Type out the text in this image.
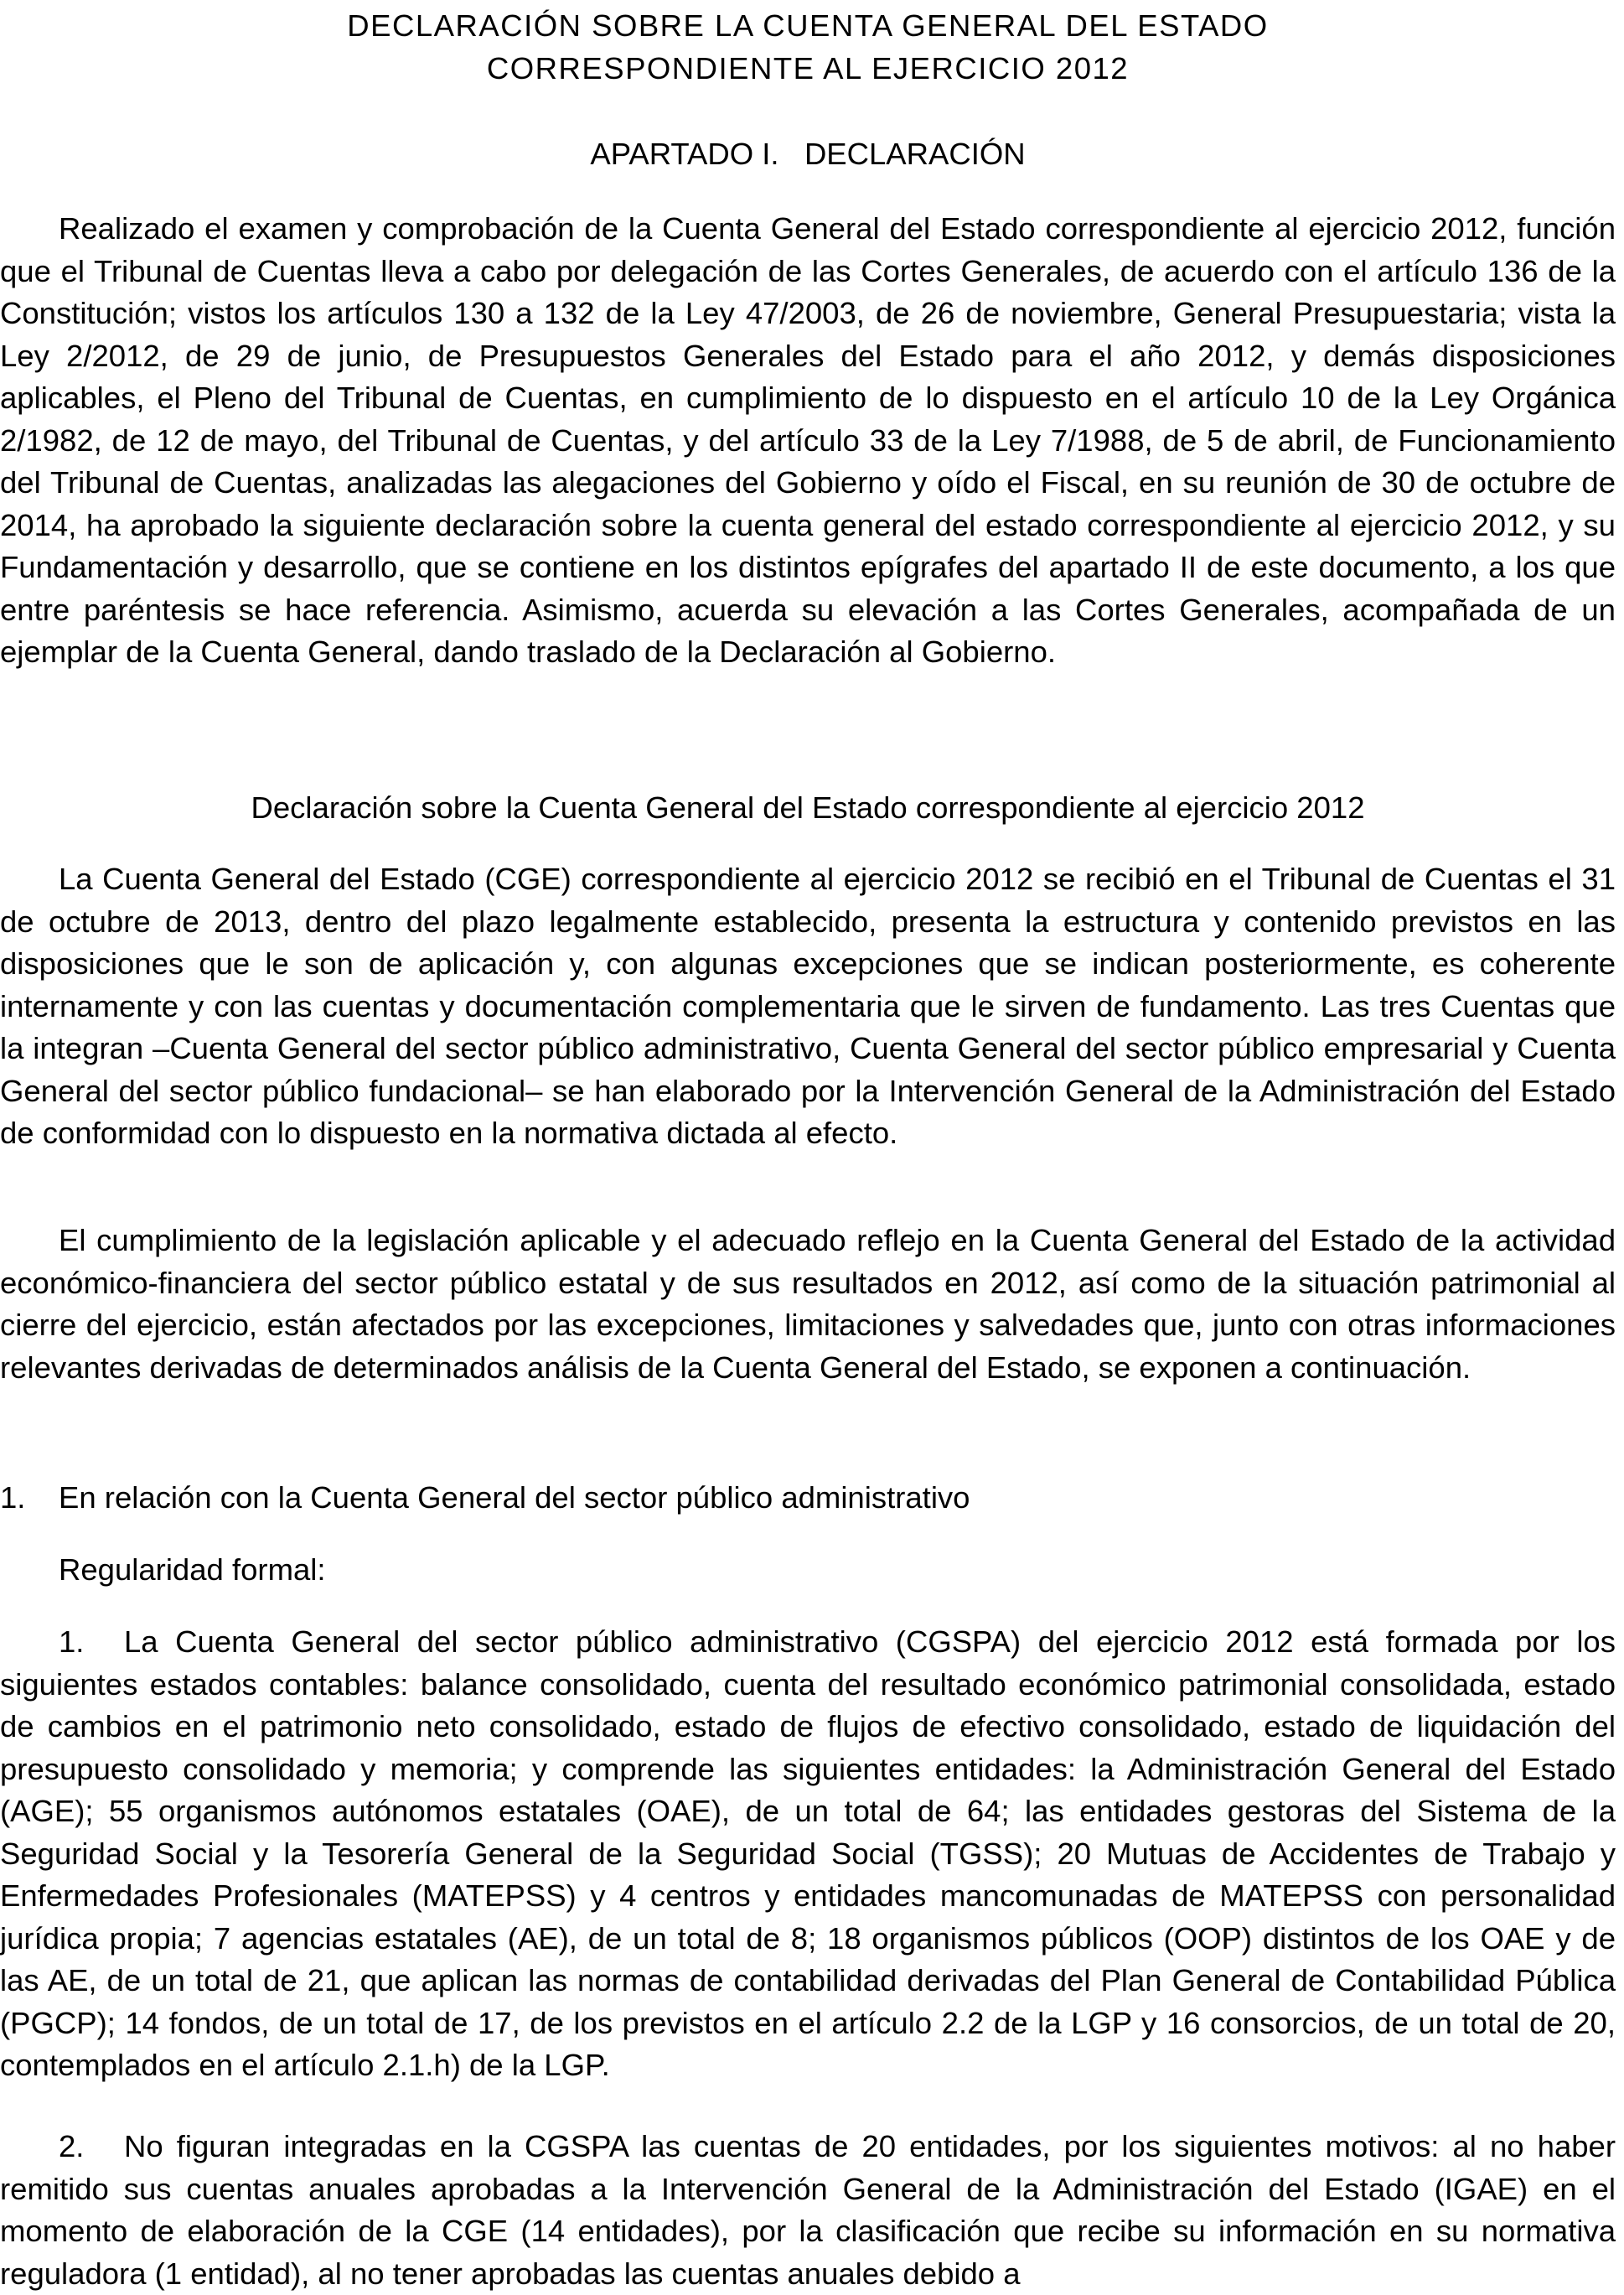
DECLARACIÓN SOBRE LA CUENTA GENERAL DEL ESTADO
CORRESPONDIENTE AL EJERCICIO 2012
APARTADO I.   DECLARACIÓN

Realizado el examen y comprobación de la Cuenta General del Estado correspondiente al ejercicio 2012, función que el Tribunal de Cuentas lleva a cabo por delegación de las Cortes Generales, de acuerdo con el artículo 136 de la Constitución; vistos los artículos 130 a 132 de la Ley 47/2003, de 26 de noviembre, General Presupuestaria; vista la Ley 2/2012, de 29 de junio, de Presupuestos Generales del Estado para el año 2012, y demás disposiciones aplicables, el Pleno del Tribunal de Cuentas, en cumplimiento de lo dispuesto en el artículo 10 de la Ley Orgánica 2/1982, de 12 de mayo, del Tribunal de Cuentas, y del artículo 33 de la Ley 7/1988, de 5 de abril, de Funcionamiento del Tribunal de Cuentas, analizadas las alegaciones del Gobierno y oído el Fiscal, en su reunión de 30 de octubre de 2014, ha aprobado la siguiente declaración sobre la cuenta general del estado correspondiente al ejercicio 2012, y su Fundamentación y desarrollo, que se contiene en los distintos epígrafes del apartado II de este documento, a los que entre paréntesis se hace referencia. Asimismo, acuerda su elevación a las Cortes Generales, acompañada de un ejemplar de la Cuenta General, dando traslado de la Declaración al Gobierno.

Declaración sobre la Cuenta General del Estado correspondiente al ejercicio 2012

La Cuenta General del Estado (CGE) correspondiente al ejercicio 2012 se recibió en el Tribunal de Cuentas el 31 de octubre de 2013, dentro del plazo legalmente establecido, presenta la estructura y contenido previstos en las disposiciones que le son de aplicación y, con algunas excepciones que se indican posteriormente, es coherente internamente y con las cuentas y documentación complementaria que le sirven de fundamento. Las tres Cuentas que la integran –Cuenta General del sector público administrativo, Cuenta General del sector público empresarial y Cuenta General del sector público fundacional– se han elaborado por la Intervención General de la Administración del Estado de conformidad con lo dispuesto en la normativa dictada al efecto.

El cumplimiento de la legislación aplicable y el adecuado reflejo en la Cuenta General del Estado de la actividad económico-financiera del sector público estatal y de sus resultados en 2012, así como de la situación patrimonial al cierre del ejercicio, están afectados por las excepciones, limitaciones y salvedades que, junto con otras informaciones relevantes derivadas de determinados análisis de la Cuenta General del Estado, se exponen a continuación.

1. En relación con la Cuenta General del sector público administrativo
Regularidad formal:

1. La Cuenta General del sector público administrativo (CGSPA) del ejercicio 2012 está formada por los siguientes estados contables: balance consolidado, cuenta del resultado económico patrimonial consolidada, estado de cambios en el patrimonio neto consolidado, estado de flujos de efectivo consolidado, estado de liquidación del presupuesto consolidado y memoria; y comprende las siguientes entidades: la Administración General del Estado (AGE); 55 organismos autónomos estatales (OAE), de un total de 64; las entidades gestoras del Sistema de la Seguridad Social y la Tesorería General de la Seguridad Social (TGSS); 20 Mutuas de Accidentes de Trabajo y Enfermedades Profesionales (MATEPSS) y 4 centros y entidades mancomunadas de MATEPSS con personalidad jurídica propia; 7 agencias estatales (AE), de un total de 8; 18 organismos públicos (OOP) distintos de los OAE y de las AE, de un total de 21, que aplican las normas de contabilidad derivadas del Plan General de Contabilidad Pública (PGCP); 14 fondos, de un total de 17, de los previstos en el artículo 2.2 de la LGP y 16 consorcios, de un total de 20, contemplados en el artículo 2.1.h) de la LGP.

2. No figuran integradas en la CGSPA las cuentas de 20 entidades, por los siguientes motivos: al no haber remitido sus cuentas anuales aprobadas a la Intervención General de la Administración del Estado (IGAE) en el momento de elaboración de la CGE (14 entidades), por la clasificación que recibe su información en su normativa reguladora (1 entidad), al no tener aprobadas las cuentas anuales debido a
